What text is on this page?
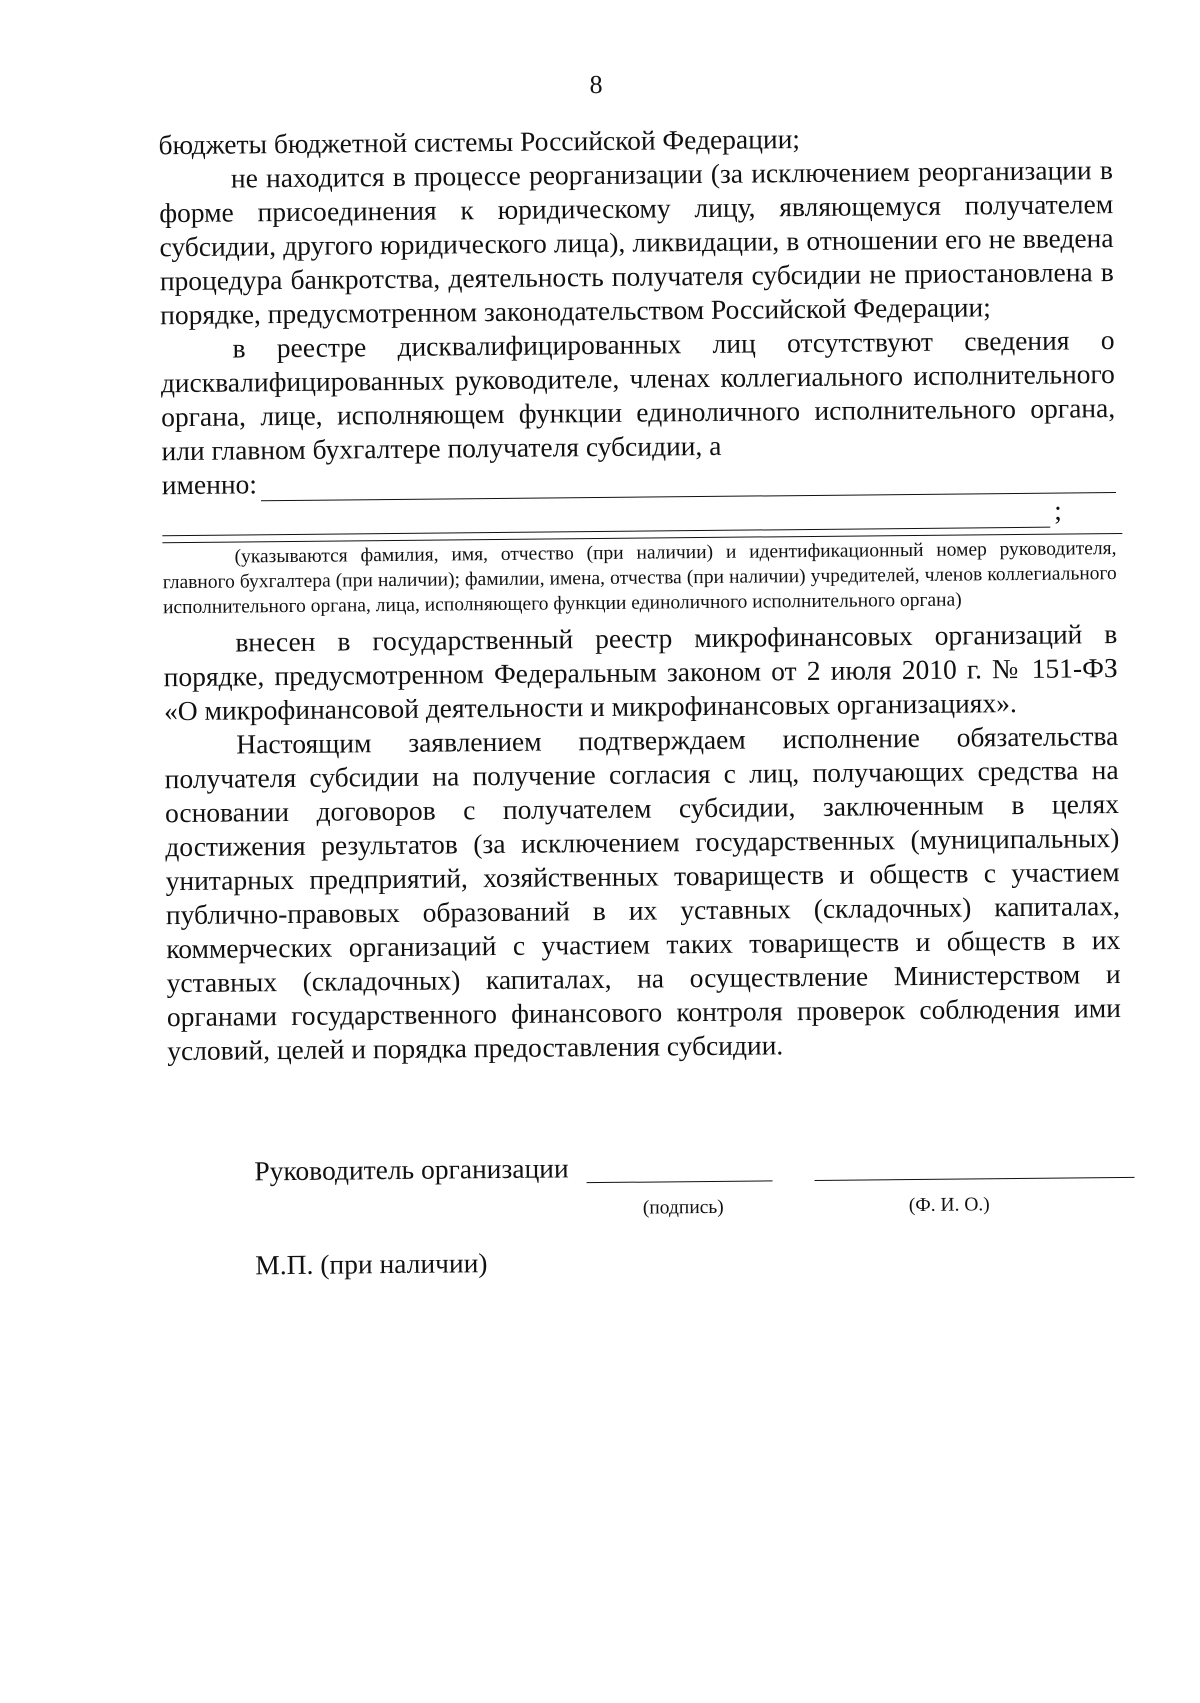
8

бюджеты бюджетной системы Российской Федерации;

не находится в процессе реорганизации (за исключением реорганизации в форме присоединения к юридическому лицу, являющемуся получателем субсидии, другого юридического лица), ликвидации, в отношении его не введена процедура банкротства, деятельность получателя субсидии не приостановлена в порядке, предусмотренном законодательством Российской Федерации;

в реестре дисквалифицированных лиц отсутствуют сведения о дисквалифицированных руководителе, членах коллегиального исполнительного органа, лице, исполняющем функции единоличного исполнительного органа, или главном бухгалтере получателя субсидии, а

именно:
;

(указываются фамилия, имя, отчество (при наличии) и идентификационный номер руководителя, главного бухгалтера (при наличии); фамилии, имена, отчества (при наличии) учредителей, членов коллегиального исполнительного органа, лица, исполняющего функции единоличного исполнительного органа)

внесен в государственный реестр микрофинансовых организаций в порядке, предусмотренном Федеральным законом от 2 июля 2010 г. № 151-ФЗ «О микрофинансовой деятельности и микрофинансовых организациях».

Настоящим заявлением подтверждаем исполнение обязательства получателя субсидии на получение согласия с лиц, получающих средства на основании договоров с получателем субсидии, заключенным в целях достижения результатов (за исключением государственных (муниципальных) унитарных предприятий, хозяйственных товариществ и обществ с участием публично-правовых образований в их уставных (складочных) капиталах, коммерческих организаций с участием таких товариществ и обществ в их уставных (складочных) капиталах, на осуществление Министерством и органами государственного финансового контроля проверок соблюдения ими условий, целей и порядка предоставления субсидии.

Руководитель организации
(подпись)	(Ф. И. О.)
М.П. (при наличии)
